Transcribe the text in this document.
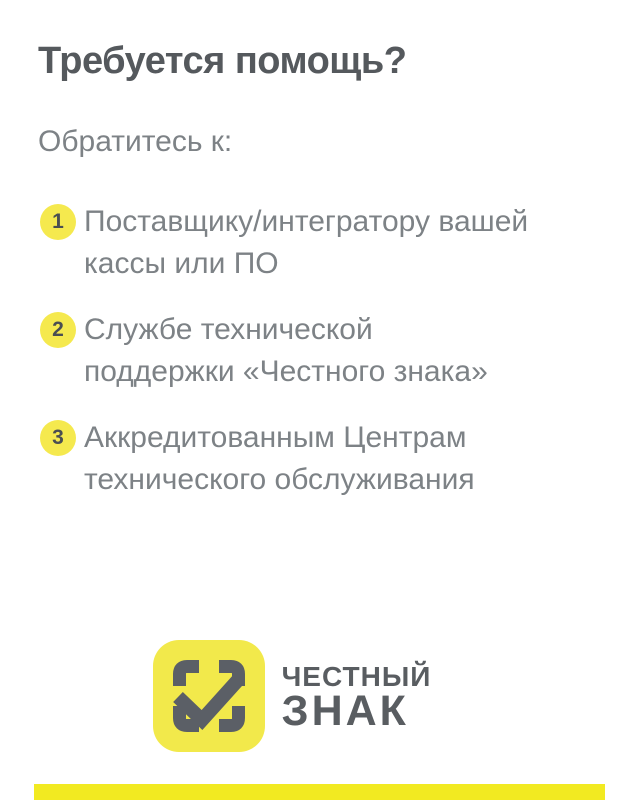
Требуется помощь?
Обратитесь к:
1 Поставщику/интегратору вашей
кассы или ПО
2 Службе технической
поддержки «Честного знака»
3 Аккредитованным Центрам
технического обслуживания
ЧЕСТНЫЙ
ЗНАК
